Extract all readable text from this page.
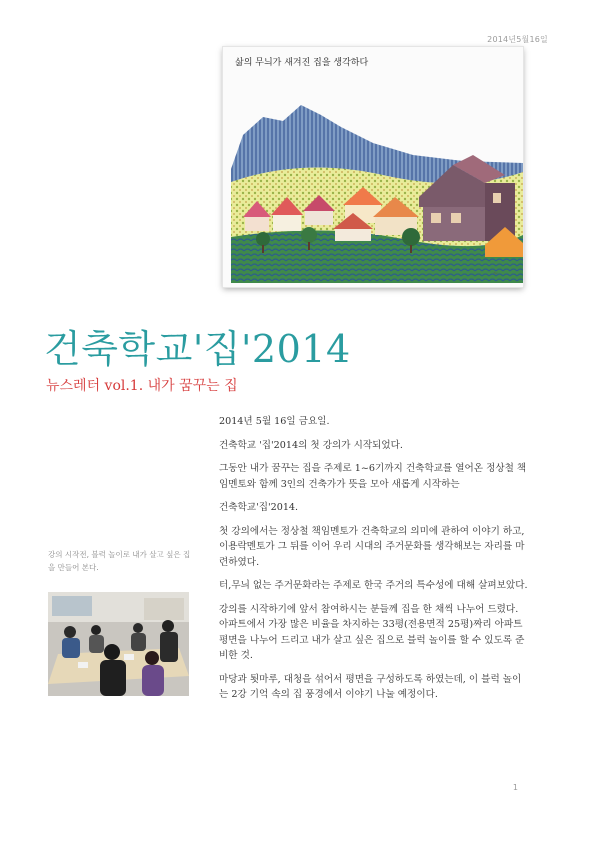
2014년5월16일
~
삶의 무늬가 새겨진 집을 생각하다
건축학교'집'2014
뉴스레터 vol.1. 내가 꿈꾸는 집

2014년 5월 16일 금요일.

건축학교 '집'2014의 첫 강의가 시작되었다.

그동안 내가 꿈꾸는 집을 주제로 1~6기까지 건축학교를 열어온 정상철 책임멘토와 함께 3인의 건축가가 뜻을 모아 새롭게 시작하는

건축학교'집'2014.

첫 강의에서는 정상철 책임멘토가 건축학교의 의미에 관하여 이야기 하고, 이용락멘토가 그 뒤를 이어 우리 시대의 주거문화를 생각해보는 자리를 마련하였다.

터,무늬 없는 주거문화라는 주제로 한국 주거의 특수성에 대해 살펴보았다.

강의를 시작하기에 앞서 참여하시는 분들께 집을 한 채씩 나누어 드렸다. 아파트에서 가장 많은 비율을 차지하는 33평(전용면적 25평)짜리 아파트평면을 나누어 드리고 내가 살고 싶은 집으로 블럭 놀이를 할 수 있도록 준비한 것.

마당과 툇마루, 대청을 섞어서 평면을 구성하도록 하였는데, 이 블럭 놀이는 2강 기억 속의 집 풍경에서 이야기 나눌 예정이다.

강의 시작전, 블럭 놀이로 내가 살고 싶은 집을 만들어 본다.
1
